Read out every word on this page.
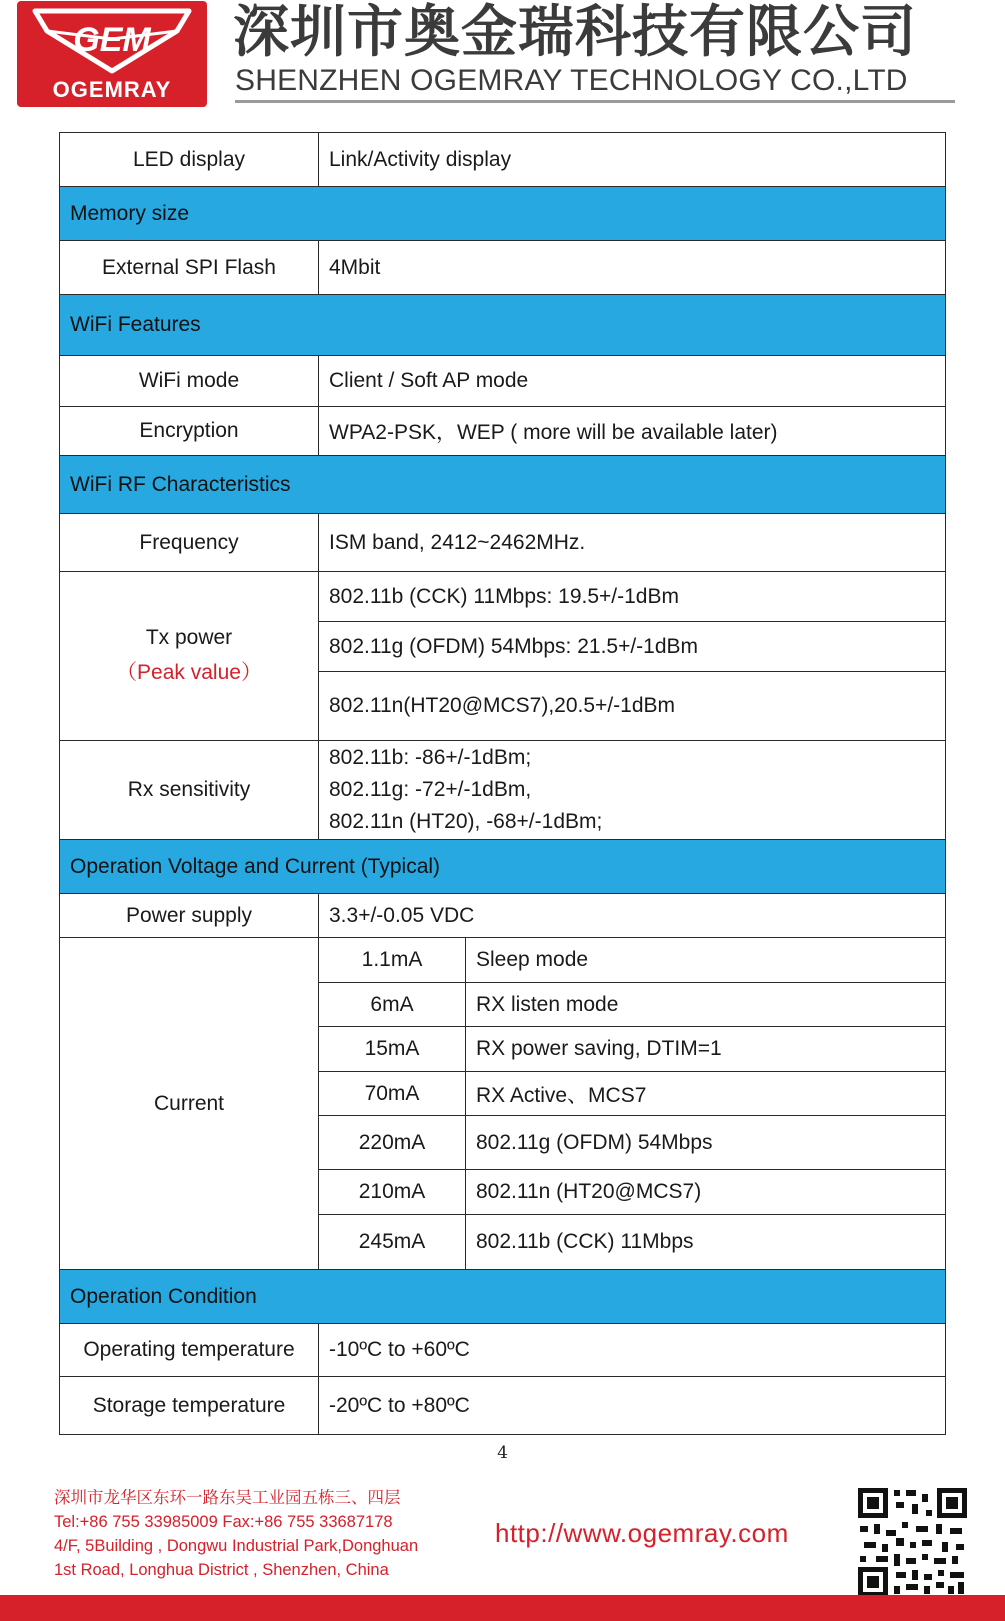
GEM
OGEMRAY
深圳市奥金瑞科技有限公司
SHENZHEN OGEMRAY TECHNOLOGY CO.,LTD
LED display	Link/Activity display	
Memory size		
External SPI Flash	4Mbit	
WiFi Features		
WiFi mode	Client / Soft AP mode	
Encryption	WPA2-PSK，WEP ( more will be available later)	
WiFi RF Characteristics		
Frequency	ISM band, 2412~2462MHz.	

Tx power
（Peak value）	802.11b (CCK) 11Mbps: 19.5+/-1dBm	
	802.11g (OFDM) 54Mbps: 21.5+/-1dBm	
	802.11n(HT20@MCS7),20.5+/-1dBm	
Rx sensitivity	802.11b: -86+/-1dBm;
802.11g: -72+/-1dBm,
802.11n (HT20), -68+/-1dBm;	

Operation Voltage and Current (Typical)		
Power supply	3.3+/-0.05 VDC	
Current	1.1mA	Sleep mode
	6mA	RX listen mode
	15mA	RX power saving, DTIM=1
	70mA	RX Active、MCS7
	220mA	802.11g (OFDM) 54Mbps
	210mA	802.11n (HT20@MCS7)
	245mA	802.11b (CCK) 11Mbps
Operation Condition		
Operating temperature	-10ºC to +60ºC	
Storage temperature	-20ºC to +80ºC	
4
深圳市龙华区东环一路东吴工业园五栋三、四层
Tel:+86 755 33985009 Fax:+86 755 33687178
4/F, 5Building , Dongwu Industrial Park,Donghuan
1st Road, Longhua District , Shenzhen, China
http://www.ogemray.com
